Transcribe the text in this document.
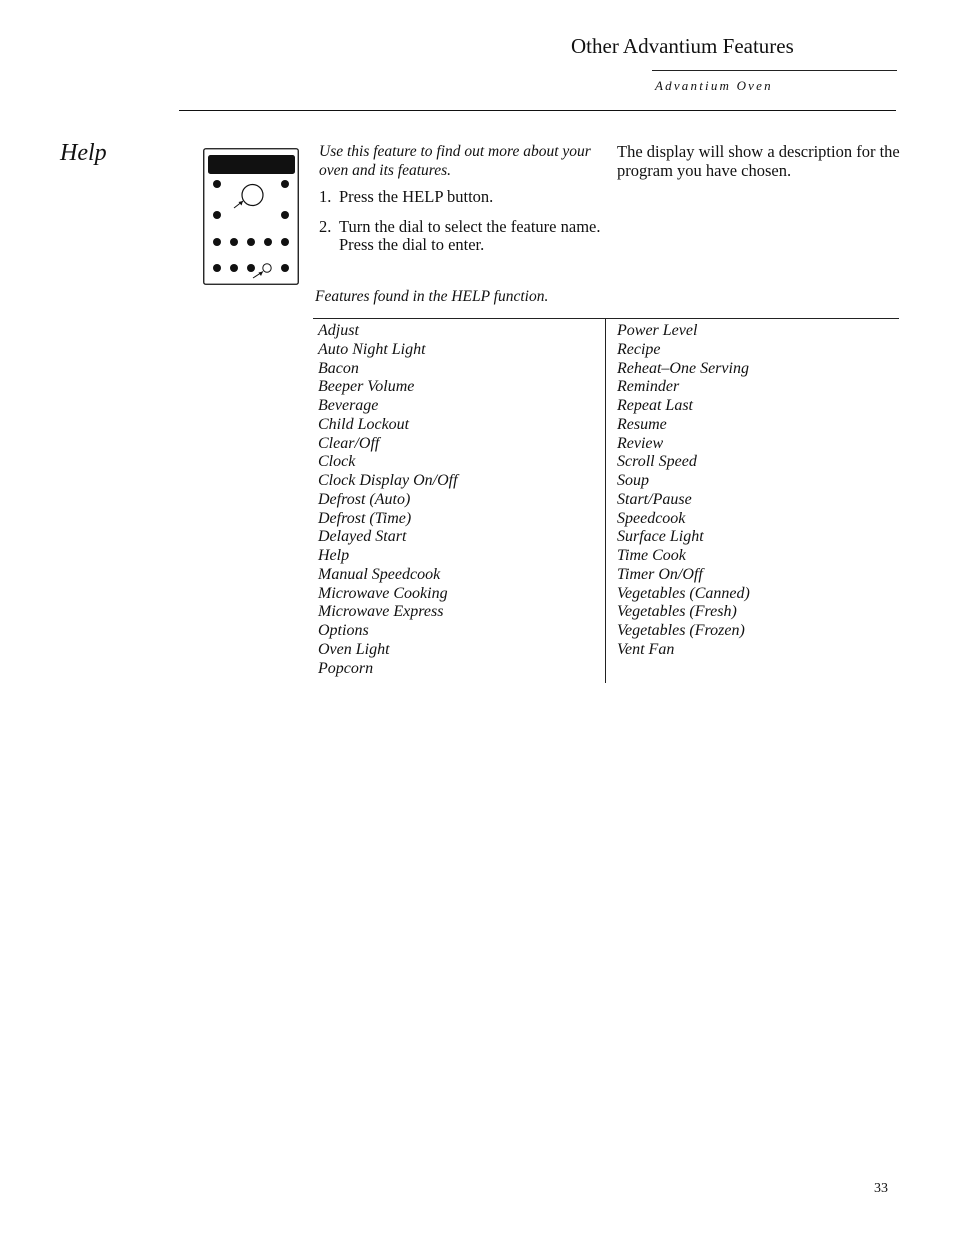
Other Advantium Features
Advantium Oven
Help	Use this feature to find out more about your oven and its features.
1. Press the HELP button.
2. Turn the dial to select the feature name. Press the dial to enter.
The display will show a description for the program you have chosen.
Features found in the HELP function.
Adjust
Auto Night Light
Bacon
Beeper Volume
Beverage
Child Lockout
Clear/Off
Clock
Clock Display On/Off
Defrost (Auto)
Defrost (Time)
Delayed Start
Help
Manual Speedcook
Microwave Cooking
Microwave Express
Options
Oven Light
Popcorn
Power Level
Recipe
Reheat–One Serving
Reminder
Repeat Last
Resume
Review
Scroll Speed
Soup
Start/Pause
Speedcook
Surface Light
Time Cook
Timer On/Off
Vegetables (Canned)
Vegetables (Fresh)
Vegetables (Frozen)
Vent Fan
33
